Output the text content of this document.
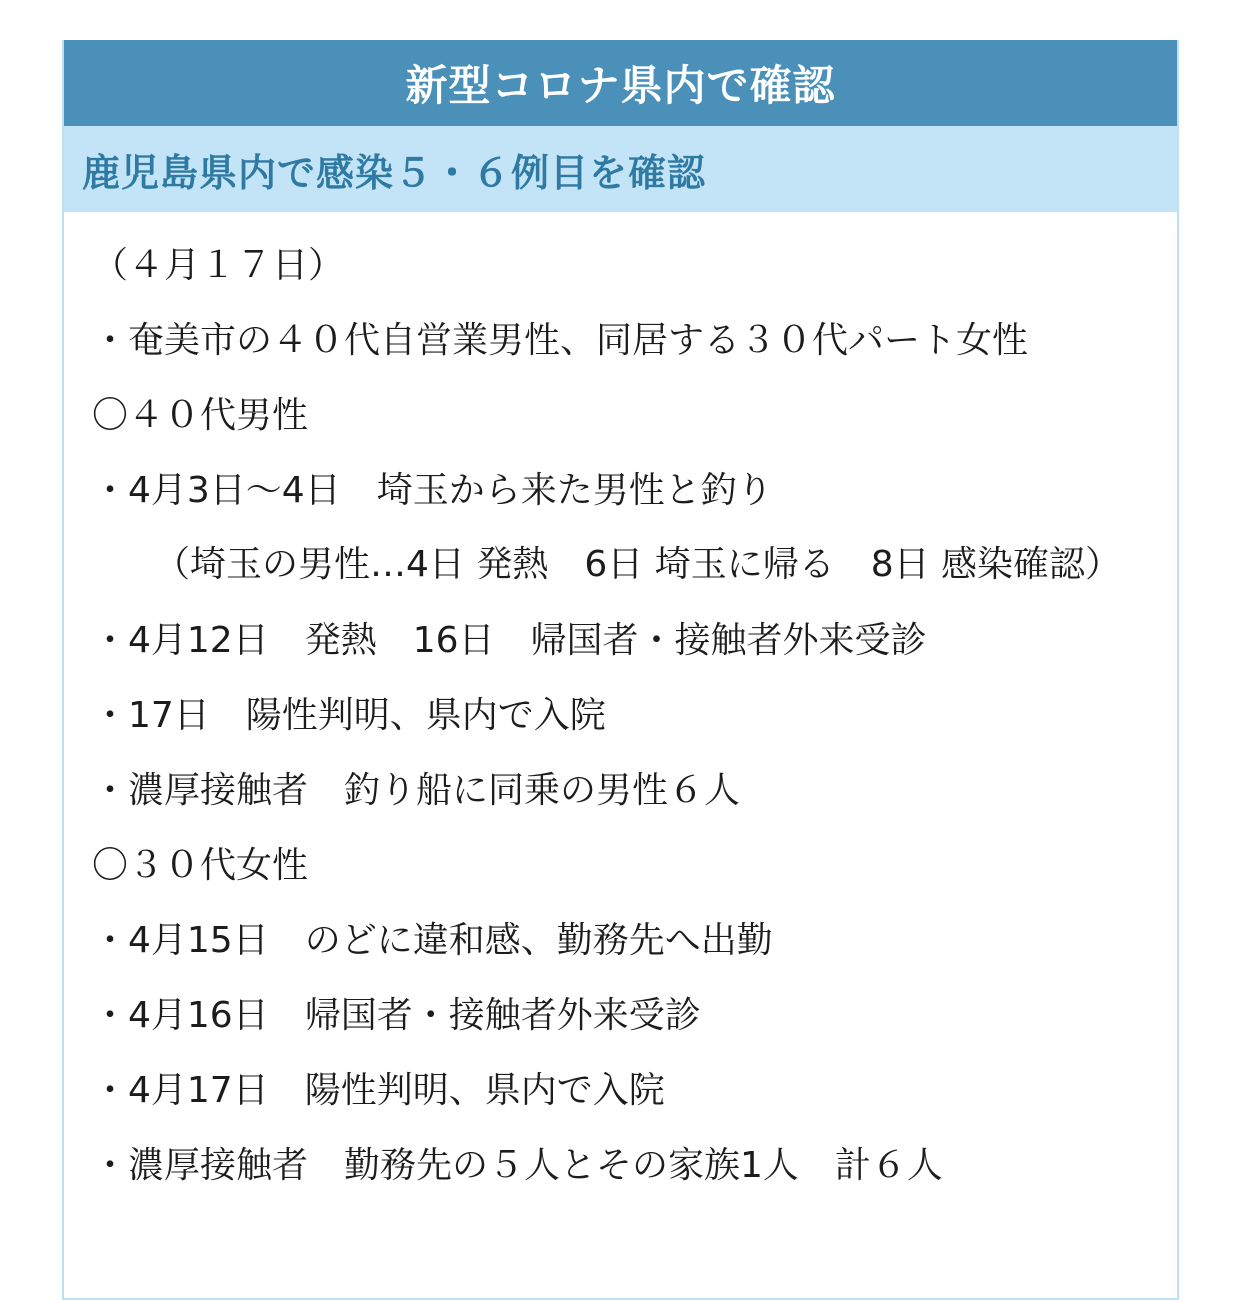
新型コロナ県内で確認
鹿児島県内で感染５・６例目を確認
（４月１７日）
・奄美市の４０代自営業男性、同居する３０代パート女性
〇４０代男性
・4月3日～4日　埼玉から来た男性と釣り
（埼玉の男性…4日 発熱　6日 埼玉に帰る　8日 感染確認）
・4月12日　発熱　16日　帰国者・接触者外来受診
・17日　陽性判明、県内で入院
・濃厚接触者　釣り船に同乗の男性６人
〇３０代女性
・4月15日　のどに違和感、勤務先へ出勤
・4月16日　帰国者・接触者外来受診
・4月17日　陽性判明、県内で入院
・濃厚接触者　勤務先の５人とその家族1人　計６人
